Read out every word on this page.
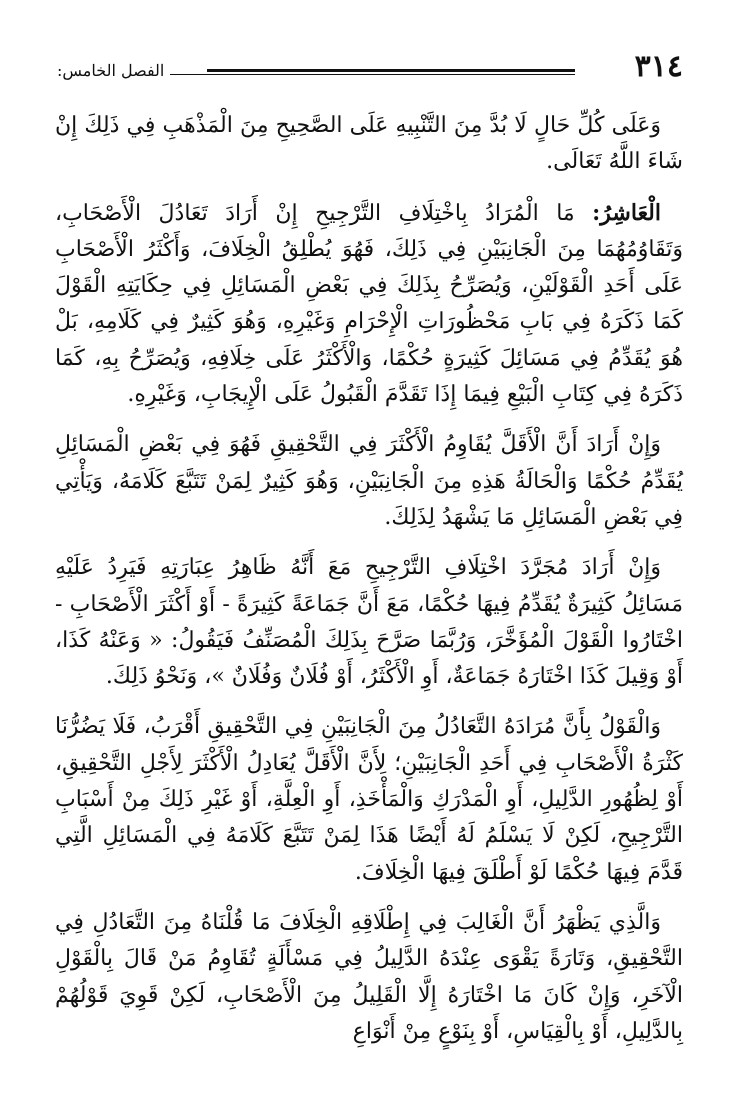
٣١٤
الفصل الخامس:

وَعَلَى كُلِّ حَالٍ لَا بُدَّ مِنَ التَّنْبِيهِ عَلَى الصَّحِيحِ مِنَ الْمَذْهَبِ فِي ذَلِكَ إِنْ شَاءَ اللَّهُ تَعَالَى.

الْعَاشِرُ: مَا الْمُرَادُ بِاخْتِلَافِ التَّرْجِيحِ إِنْ أَرَادَ تَعَادُلَ الْأَصْحَابِ، وَتَقَاوُمُهُمَا مِنَ الْجَانِبَيْنِ فِي ذَلِكَ، فَهُوَ يُطْلِقُ الْخِلَافَ، وَأَكْثَرُ الْأَصْحَابِ عَلَى أَحَدِ الْقَوْلَيْنِ، وَيُصَرِّحُ بِذَلِكَ فِي بَعْضِ الْمَسَائِلِ فِي حِكَايَتِهِ الْقَوْلَ كَمَا ذَكَرَهُ فِي بَابِ مَحْظُورَاتِ الْإِحْرَامِ وَغَيْرِهِ، وَهُوَ كَثِيرٌ فِي كَلَامِهِ، بَلْ هُوَ يُقَدِّمُ فِي مَسَائِلَ كَثِيرَةٍ حُكْمًا، وَالْأَكْثَرُ عَلَى خِلَافِهِ، وَيُصَرِّحُ بِهِ، كَمَا ذَكَرَهُ فِي كِتَابِ الْبَيْعِ فِيمَا إِذَا تَقَدَّمَ الْقَبُولُ عَلَى الْإِيجَابِ، وَغَيْرِهِ.

وَإِنْ أَرَادَ أَنَّ الْأَقَلَّ يُقَاوِمُ الْأَكْثَرَ فِي التَّحْقِيقِ فَهُوَ فِي بَعْضِ الْمَسَائِلِ يُقَدِّمُ حُكْمًا وَالْحَالَةُ هَذِهِ مِنَ الْجَانِبَيْنِ، وَهُوَ كَثِيرٌ لِمَنْ تَتَبَّعَ كَلَامَهُ، وَيَأْتِي فِي بَعْضِ الْمَسَائِلِ مَا يَشْهَدُ لِذَلِكَ.

وَإِنْ أَرَادَ مُجَرَّدَ اخْتِلَافِ التَّرْجِيحِ مَعَ أَنَّهُ ظَاهِرُ عِبَارَتِهِ فَيَرِدُ عَلَيْهِ مَسَائِلُ كَثِيرَةٌ يُقَدِّمُ فِيهَا حُكْمًا، مَعَ أَنَّ جَمَاعَةً كَثِيرَةً - أَوْ أَكْثَرَ الْأَصْحَابِ - اخْتَارُوا الْقَوْلَ الْمُؤَخَّرَ، وَرُبَّمَا صَرَّحَ بِذَلِكَ الْمُصَنِّفُ فَيَقُولُ: « وَعَنْهُ كَذَا، أَوْ وَقِيلَ كَذَا اخْتَارَهُ جَمَاعَةٌ، أَوِ الْأَكْثَرُ، أَوْ فُلَانٌ وَفُلَانٌ »، وَنَحْوُ ذَلِكَ.

وَالْقَوْلُ بِأَنَّ مُرَادَهُ التَّعَادُلُ مِنَ الْجَانِبَيْنِ فِي التَّحْقِيقِ أَقْرَبُ، فَلَا يَضُرُّنَا كَثْرَةُ الْأَصْحَابِ فِي أَحَدِ الْجَانِبَيْنِ؛ لِأَنَّ الْأَقَلَّ يُعَادِلُ الْأَكْثَرَ لِأَجْلِ التَّحْقِيقِ، أَوْ لِظُهُورِ الدَّلِيلِ، أَوِ الْمَدْرَكِ وَالْمَأْخَذِ، أَوِ الْعِلَّةِ، أَوْ غَيْرِ ذَلِكَ مِنْ أَسْبَابِ التَّرْجِيحِ، لَكِنْ لَا يَسْلَمُ لَهُ أَيْضًا هَذَا لِمَنْ تَتَبَّعَ كَلَامَهُ فِي الْمَسَائِلِ الَّتِي قَدَّمَ فِيهَا حُكْمًا لَوْ أَطْلَقَ فِيهَا الْخِلَافَ.

وَالَّذِي يَظْهَرُ أَنَّ الْغَالِبَ فِي إِطْلَاقِهِ الْخِلَافَ مَا قُلْنَاهُ مِنَ التَّعَادُلِ فِي التَّحْقِيقِ، وَتَارَةً يَقْوَى عِنْدَهُ الدَّلِيلُ فِي مَسْأَلَةٍ تُقَاوِمُ مَنْ قَالَ بِالْقَوْلِ الْآخَرِ، وَإِنْ كَانَ مَا اخْتَارَهُ إِلَّا الْقَلِيلُ مِنَ الْأَصْحَابِ، لَكِنْ قَوِيَ قَوْلُهُمْ بِالدَّلِيلِ، أَوْ بِالْقِيَاسِ، أَوْ بِنَوْعٍ مِنْ أَنْوَاعِ
